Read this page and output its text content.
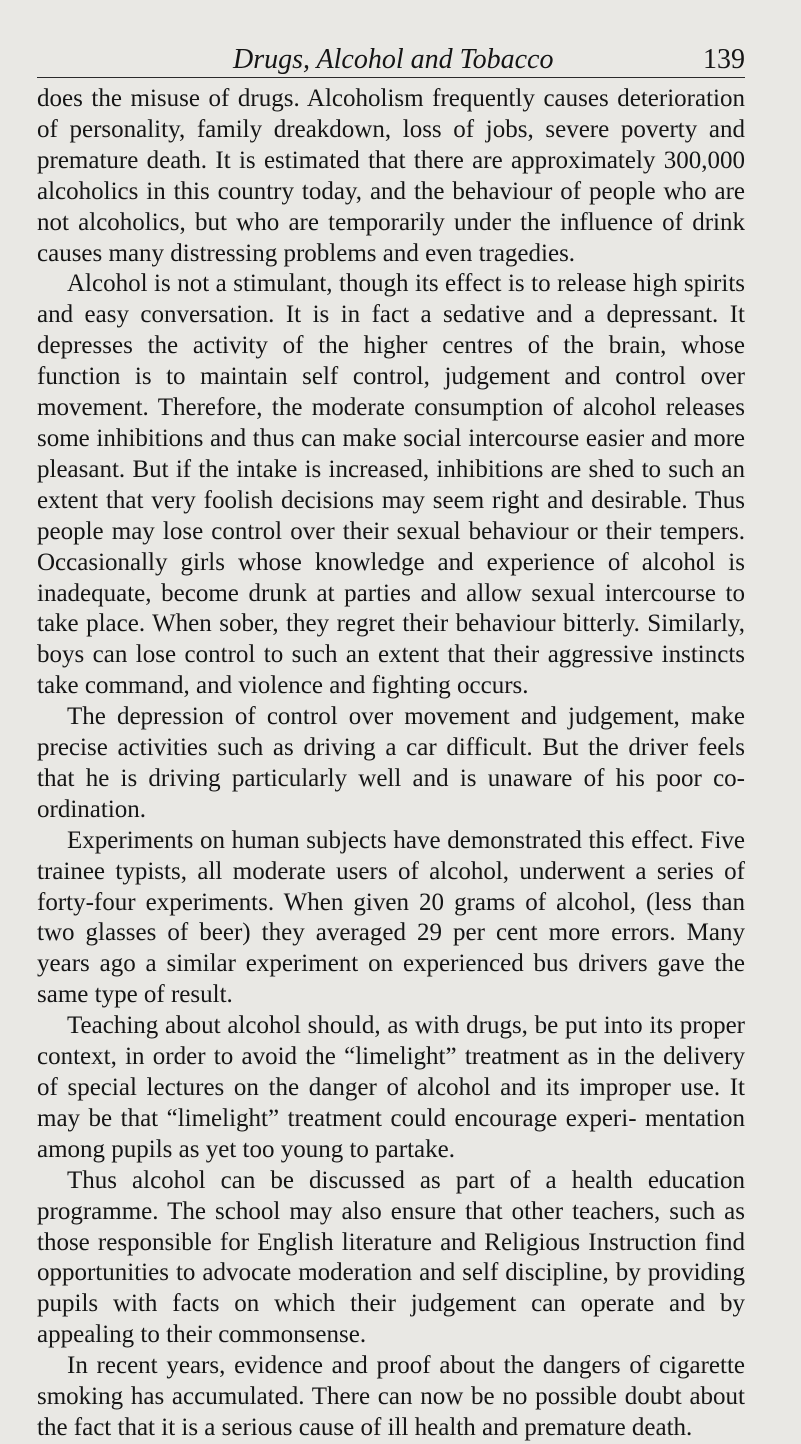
Drugs, Alcohol and Tobacco	139

does the misuse of drugs. Alcoholism frequently causes deterioration of personality, family dreakdown, loss of jobs, severe poverty and premature death. It is estimated that there are approximately 300,000 alcoholics in this country today, and the behaviour of people who are not alcoholics, but who are temporarily under the influence of drink causes many distressing problems and even tragedies.

Alcohol is not a stimulant, though its effect is to release high spirits and easy conversation. It is in fact a sedative and a depressant. It depresses the activity of the higher centres of the brain, whose function is to maintain self control, judgement and control over movement. Therefore, the moderate consumption of alcohol releases some inhibitions and thus can make social intercourse easier and more pleasant. But if the intake is increased, inhibitions are shed to such an extent that very foolish decisions may seem right and desirable. Thus people may lose control over their sexual behaviour or their tempers. Occasionally girls whose knowledge and experience of alcohol is inadequate, become drunk at parties and allow sexual intercourse to take place. When sober, they regret their behaviour bitterly. Similarly, boys can lose control to such an extent that their aggressive instincts take command, and violence and fighting occurs.

The depression of control over movement and judgement, make precise activities such as driving a car difficult. But the driver feels that he is driving particularly well and is unaware of his poor co-ordination.

Experiments on human subjects have demonstrated this effect. Five trainee typists, all moderate users of alcohol, underwent a series of forty-four experiments. When given 20 grams of alcohol, (less than two glasses of beer) they averaged 29 per cent more errors. Many years ago a similar experiment on experienced bus drivers gave the same type of result.

Teaching about alcohol should, as with drugs, be put into its proper context, in order to avoid the “limelight” treatment as in the delivery of special lectures on the danger of alcohol and its improper use. It may be that “limelight” treatment could encourage experi- mentation among pupils as yet too young to partake.

Thus alcohol can be discussed as part of a health education programme. The school may also ensure that other teachers, such as those responsible for English literature and Religious Instruction find opportunities to advocate moderation and self discipline, by providing pupils with facts on which their judgement can operate and by appealing to their commonsense.

In recent years, evidence and proof about the dangers of cigarette smoking has accumulated. There can now be no possible doubt about the fact that it is a serious cause of ill health and premature death.
